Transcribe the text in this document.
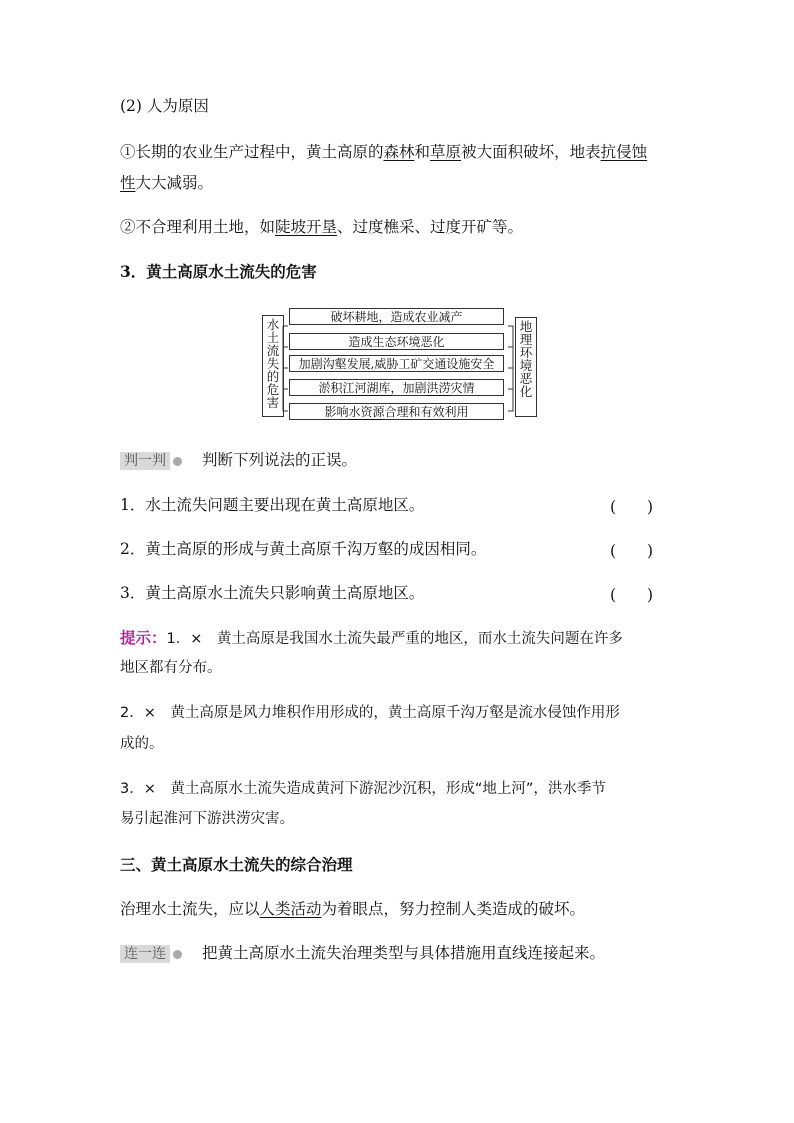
(2) 人为原因
①长期的农业生产过程中，黄土高原的森林和草原被大面积破坏，地表抗侵蚀
性大大减弱。
②不合理利用土地，如陡坡开垦、过度樵采、过度开矿等。
3．黄土高原水土流失的危害
水土流失的危害
破坏耕地，造成农业减产
造成生态环境恶化
加剧沟壑发展,威胁工矿交通设施安全
淤积江河湖库，加剧洪涝灾情
影响水资源合理和有效利用
地理环境恶化
判一判 判断下列说法的正误。
1．水土流失问题主要出现在黄土高原地区。	(　　)
2．黄土高原的形成与黄土高原千沟万壑的成因相同。	(　　)
3．黄土高原水土流失只影响黄土高原地区。	(　　)
提示：1．×　黄土高原是我国水土流失最严重的地区，而水土流失问题在许多
地区都有分布。
2．×　黄土高原是风力堆积作用形成的，黄土高原千沟万壑是流水侵蚀作用形
成的。
3．×　黄土高原水土流失造成黄河下游泥沙沉积，形成“地上河”，洪水季节
易引起淮河下游洪涝灾害。
三、黄土高原水土流失的综合治理
治理水土流失，应以人类活动为着眼点，努力控制人类造成的破坏。
连一连 把黄土高原水土流失治理类型与具体措施用直线连接起来。
